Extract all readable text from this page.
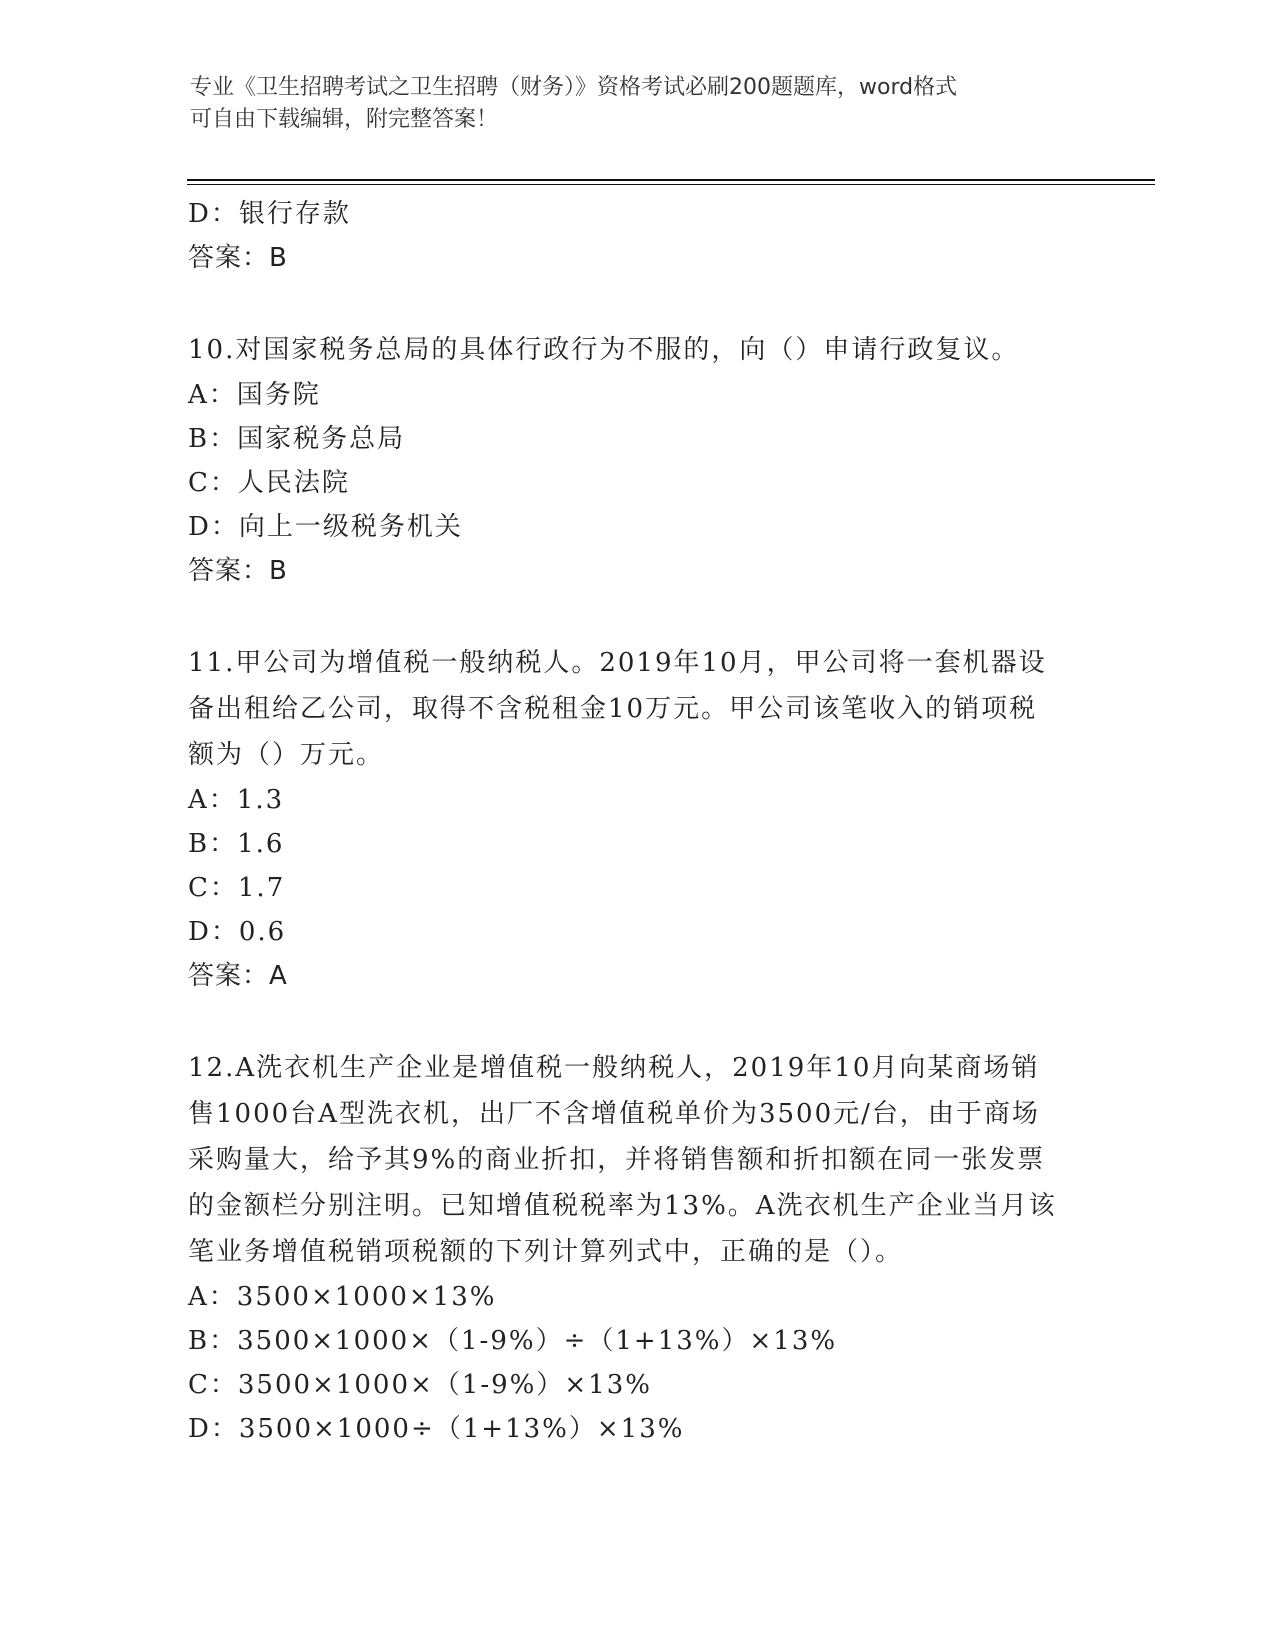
专业《卫生招聘考试之卫生招聘（财务）》资格考试必刷200题题库，word格式
可自由下载编辑，附完整答案！
D：银行存款
答案：B
10.对国家税务总局的具体行政行为不服的，向（）申请行政复议。
A：国务院
B：国家税务总局
C：人民法院
D：向上一级税务机关
答案：B
11.甲公司为增值税一般纳税人。2019年10月，甲公司将一套机器设
备出租给乙公司，取得不含税租金10万元。甲公司该笔收入的销项税
额为（）万元。
A：1.3
B：1.6
C：1.7
D：0.6
答案：A
12.A洗衣机生产企业是增值税一般纳税人，2019年10月向某商场销
售1000台A型洗衣机，出厂不含增值税单价为3500元/台，由于商场
采购量大，给予其9%的商业折扣，并将销售额和折扣额在同一张发票
的金额栏分别注明。已知增值税税率为13%。A洗衣机生产企业当月该
笔业务增值税销项税额的下列计算列式中，正确的是（）。
A：3500×1000×13%
B：3500×1000×（1-9%）÷（1+13%）×13%
C：3500×1000×（1-9%）×13%
D：3500×1000÷（1+13%）×13%
